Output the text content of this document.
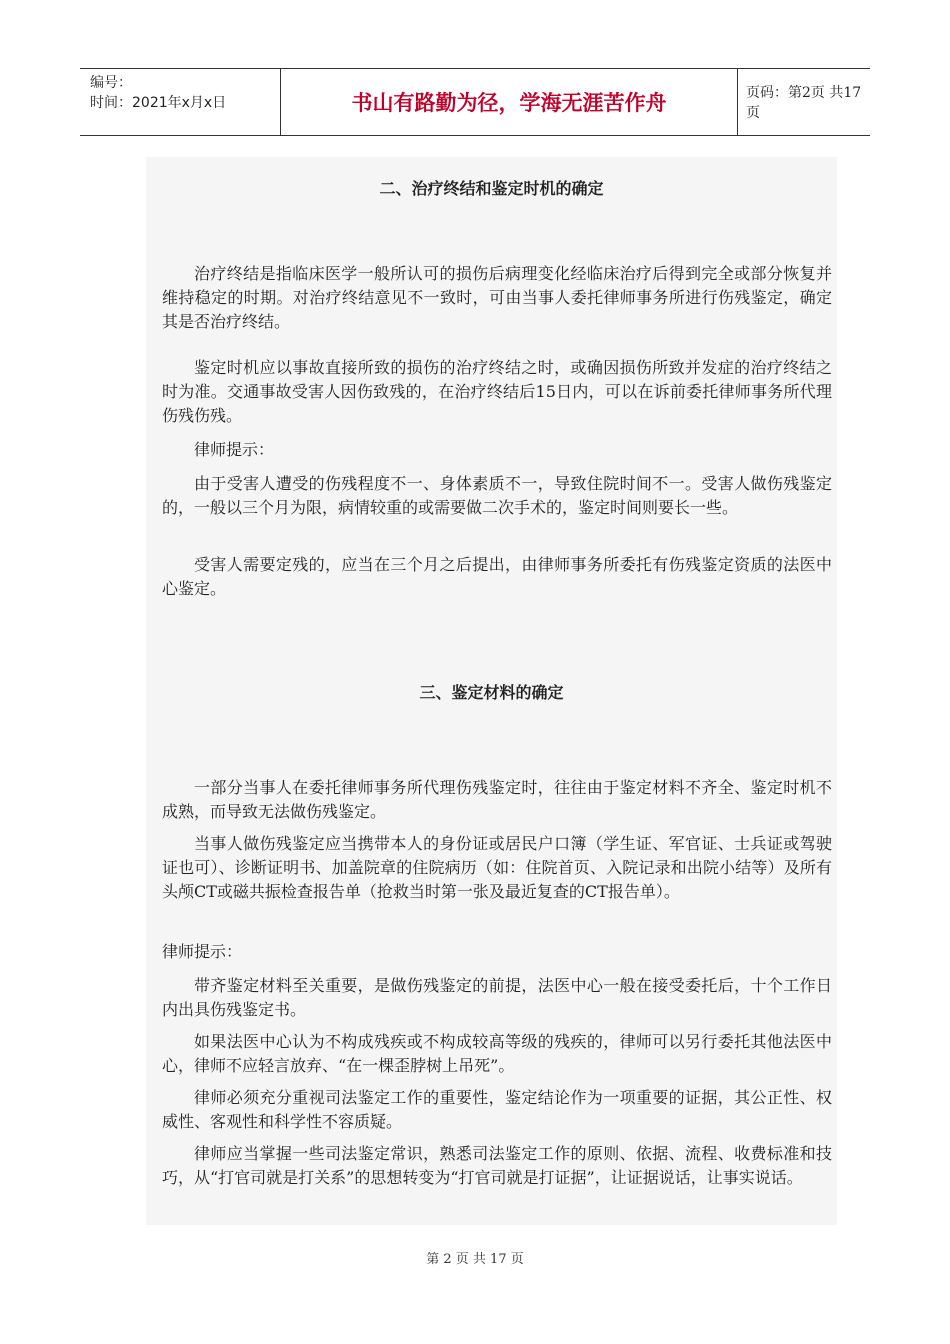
编号：
时间：2021年x月x日	书山有路勤为径，学海无涯苦作舟	页码：第2页 共17页
二、治疗终结和鉴定时机的确定

治疗终结是指临床医学一般所认可的损伤后病理变化经临床治疗后得到完全或部分恢复并维持稳定的时期。对治疗终结意见不一致时，可由当事人委托律师事务所进行伤残鉴定，确定其是否治疗终结。

鉴定时机应以事故直接所致的损伤的治疗终结之时，或确因损伤所致并发症的治疗终结之时为准。交通事故受害人因伤致残的，在治疗终结后15日内，可以在诉前委托律师事务所代理伤残伤残。

律师提示：

由于受害人遭受的伤残程度不一、身体素质不一，导致住院时间不一。受害人做伤残鉴定的，一般以三个月为限，病情较重的或需要做二次手术的，鉴定时间则要长一些。

受害人需要定残的，应当在三个月之后提出，由律师事务所委托有伤残鉴定资质的法医中心鉴定。

三、鉴定材料的确定

一部分当事人在委托律师事务所代理伤残鉴定时，往往由于鉴定材料不齐全、鉴定时机不成熟，而导致无法做伤残鉴定。

当事人做伤残鉴定应当携带本人的身份证或居民户口簿（学生证、军官证、士兵证或驾驶证也可）、诊断证明书、加盖院章的住院病历（如：住院首页、入院记录和出院小结等）及所有头颅CT或磁共振检查报告单（抢救当时第一张及最近复查的CT报告单）。

律师提示：

带齐鉴定材料至关重要，是做伤残鉴定的前提，法医中心一般在接受委托后，十个工作日内出具伤残鉴定书。

如果法医中心认为不构成残疾或不构成较高等级的残疾的，律师可以另行委托其他法医中心，律师不应轻言放弃、“在一棵歪脖树上吊死”。

律师必须充分重视司法鉴定工作的重要性，鉴定结论作为一项重要的证据，其公正性、权威性、客观性和科学性不容质疑。

律师应当掌握一些司法鉴定常识，熟悉司法鉴定工作的原则、依据、流程、收费标准和技巧，从“打官司就是打关系”的思想转变为“打官司就是打证据”，让证据说话，让事实说话。

第 2 页 共 17 页
